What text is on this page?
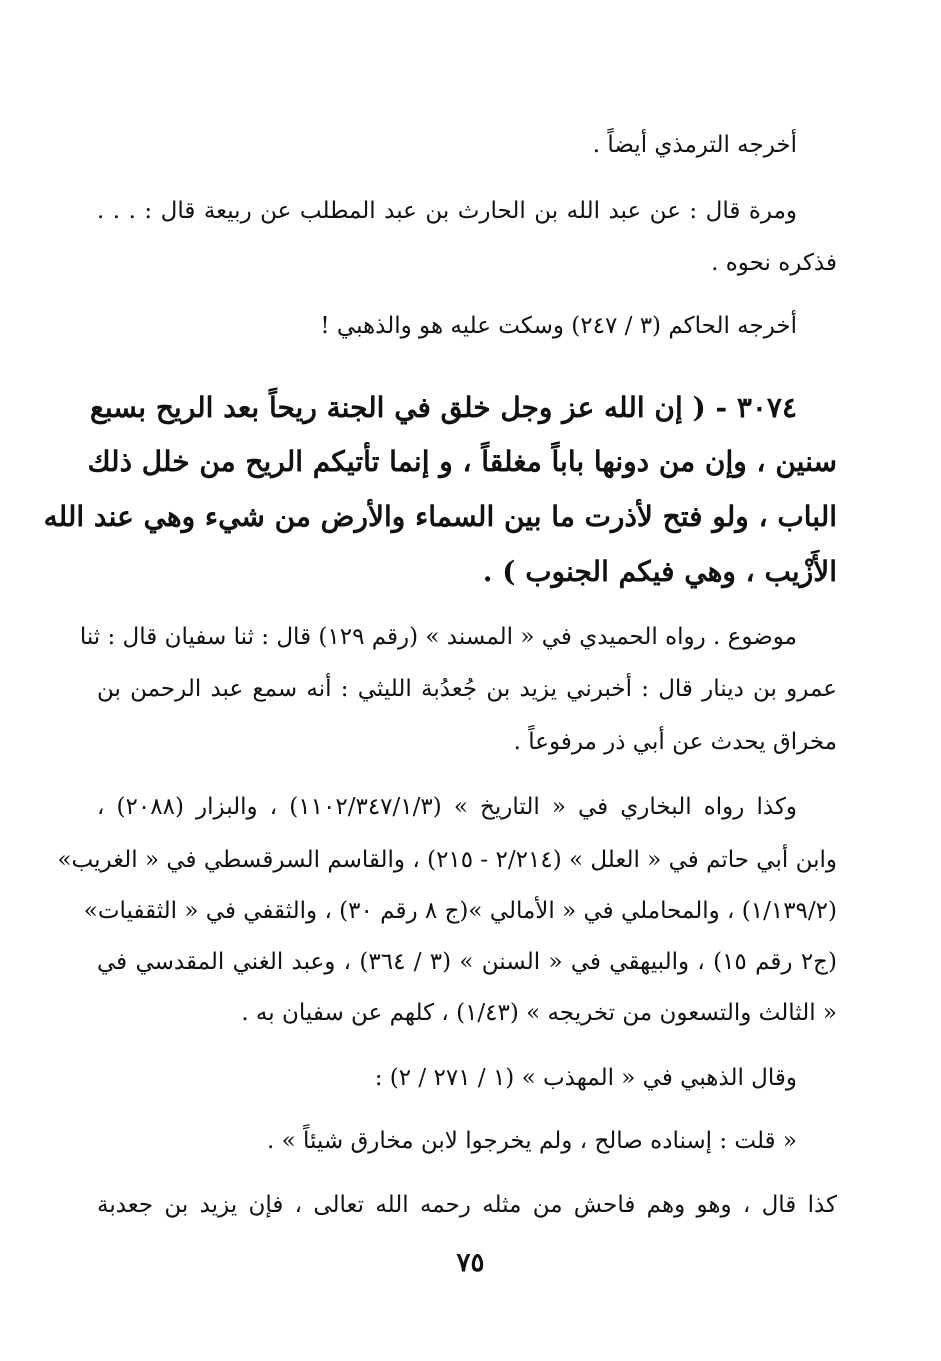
أخرجه الترمذي أيضاً .
ومرة قال : عن عبد الله بن الحارث بن عبد المطلب عن ربيعة قال : . . .
فذكره نحوه .
أخرجه الحاكم (٣ / ٢٤٧) وسكت عليه هو والذهبي !
٣٠٧٤ - ( إن الله عز وجل خلق في الجنة ريحاً بعد الريح بسبع
سنين ، وإن من دونها باباً مغلقاً ، و إنما تأتيكم الريح من خلل ذلك
الباب ، ولو فتح لأذرت ما بين السماء والأرض من شيء وهي عند الله
الأَزْيب ، وهي فيكم الجنوب ) .
موضوع . رواه الحميدي في « المسند » (رقم ١٢٩) قال : ثنا سفيان قال : ثنا
عمرو بن دينار قال : أخبرني يزيد بن جُعدُبة الليثي : أنه سمع عبد الرحمن بن
مخراق يحدث عن أبي ذر مرفوعاً .
وكذا رواه البخاري في « التاريخ » (١١٠٢/٣٤٧/١/٣) ، والبزار (٢٠٨٨) ،
وابن أبي حاتم في « العلل » (٢/٢١٤ - ٢١٥) ، والقاسم السرقسطي في « الغريب»
(١/١٣٩/٢) ، والمحاملي في « الأمالي »(ج ٨ رقم ٣٠) ، والثقفي في « الثقفيات»
(ج٢ رقم ١٥) ، والبيهقي في « السنن » (٣ / ٣٦٤) ، وعبد الغني المقدسي في
« الثالث والتسعون من تخريجه » (١/٤٣) ، كلهم عن سفيان به .
وقال الذهبي في « المهذب » (١ / ٢٧١ / ٢) :
« قلت : إسناده صالح ، ولم يخرجوا لابن مخارق شيئاً » .
كذا قال ، وهو وهم فاحش من مثله رحمه الله تعالى ، فإن يزيد بن جعدبة
٧٥
